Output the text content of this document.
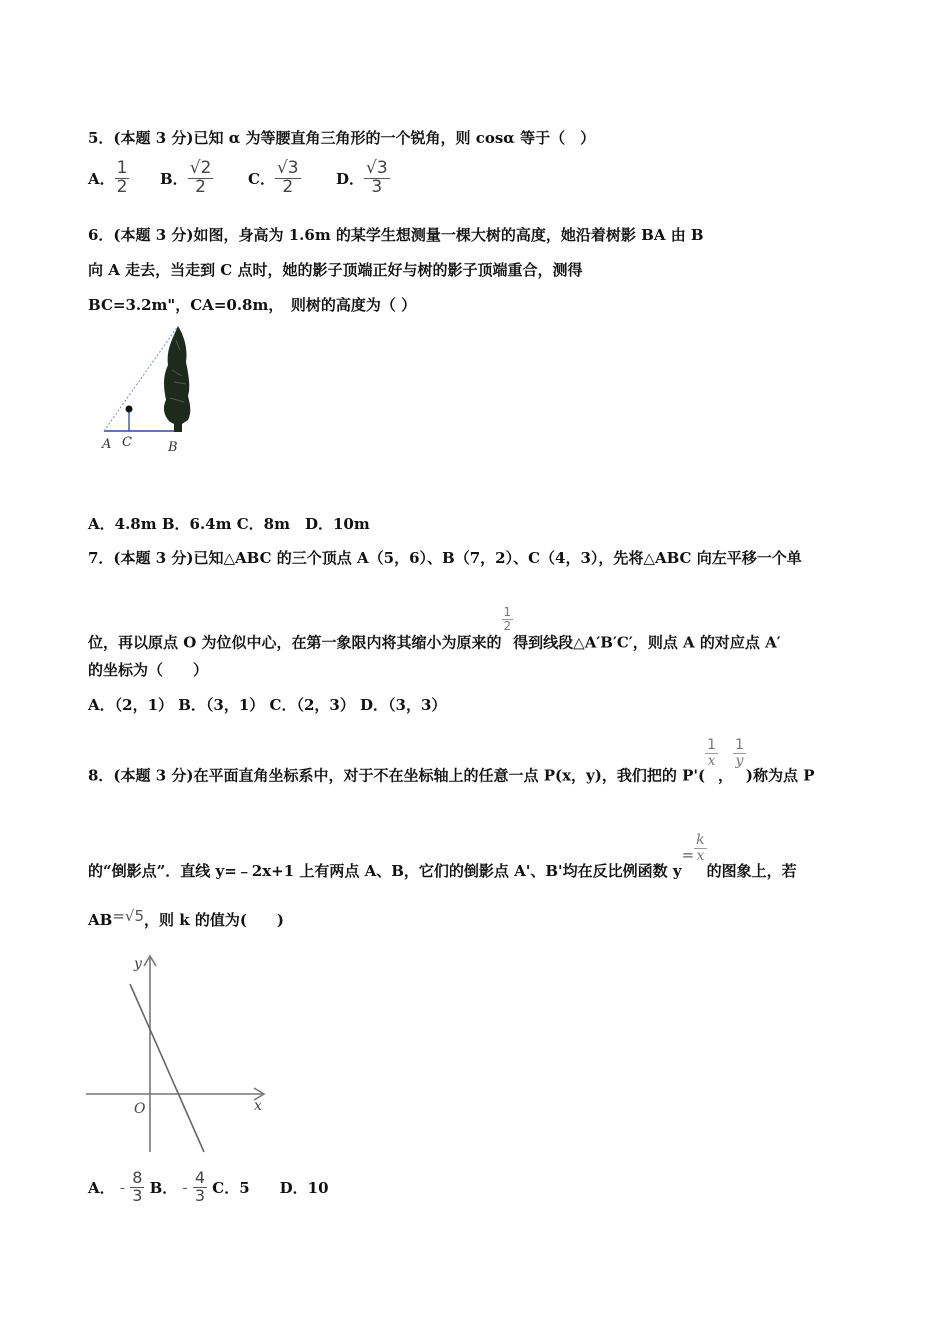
5．(本题 3 分)已知 α 为等腰直角三角形的一个锐角，则 cosα 等于（　）
A． $\frac{1}{2}$ B． $\frac{√2}{2}$ C． $\frac{√3}{2}$ D． $\frac{√3}{3}$
6．(本题 3 分)如图，身高为 1.6m 的某学生想测量一棵大树的高度，她沿着树影 BA 由 B
向 A 走去，当走到 C 点时，她的影子顶端正好与树的影子顶端重合，测得
BC=3.2m"，CA=0.8m，　则树的高度为（ ）
A C	B
A．4.8m B．6.4m C．8m　D．10m
7．(本题 3 分)已知△ABC 的三个顶点 A（5，6）、B（7，2）、C（4，3），先将△ABC 向左平移一个单
位，再以原点 O 为位似中心，在第一象限内将其缩小为原来的
$\frac{1}{2}$
得到线段△A′B′C′，则点 A 的对应点 A′
的坐标为（　　）
A．（2，1） B．（3，1） C．（2，3） D．（3，3）
8．(本题 3 分)在平面直角坐标系中，对于不在坐标轴上的任意一点 P(x，y)，我们把的 P'(
$\frac{1}{x}$
，
$\frac{1}{y}$
)称为点 P
的“倒影点”．直线 y=﹣2x+1 上有两点 A、B，它们的倒影点 A'、B'均在反比例函数 $y= \frac{k}{x}$
的图象上，若
AB=√5，则 k 的值为(　　)
y
x
O
A． - $\frac{8}{3}$ B． - $\frac{4}{3}$ C．5　　D．10
